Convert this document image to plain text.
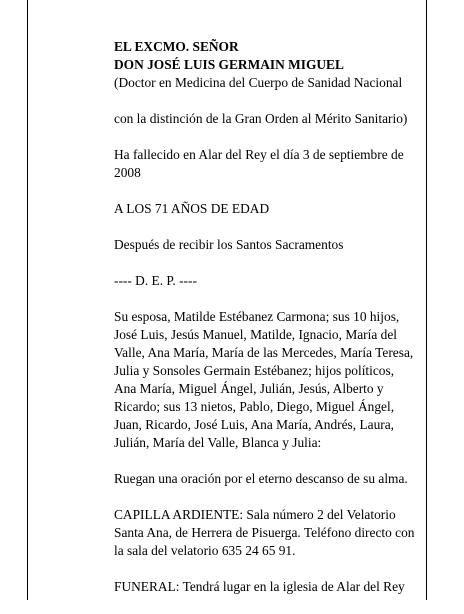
EL EXCMO. SEÑOR

DON JOSÉ LUIS GERMAIN MIGUEL

(Doctor en Medicina del Cuerpo de Sanidad Nacional

con la distinción de la Gran Orden al Mérito Sanitario)

Ha fallecido en Alar del Rey el día 3 de septiembre de 2008

A LOS 71 AÑOS DE EDAD

Después de recibir los Santos Sacramentos

---- D. E. P. ----

Su esposa, Matilde Estébanez Carmona; sus 10 hijos, José Luis, Jesús Manuel, Matilde, Ignacio, María del Valle, Ana María, María de las Mercedes, María Teresa, Julia y Sonsoles Germain Estébanez; hijos políticos, Ana María, Miguel Ángel, Julián, Jesús, Alberto y Ricardo; sus 13 nietos, Pablo, Diego, Miguel Ángel, Juan, Ricardo, José Luis, Ana María, Andrés, Laura, Julián, María del Valle, Blanca y Julia:

Ruegan una oración por el eterno descanso de su alma.

CAPILLA ARDIENTE: Sala número 2 del Velatorio Santa Ana, de Herrera de Pisuerga. Teléfono directo con la sala del velatorio 635 24 65 91.

FUNERAL: Tendrá lugar en la iglesia de Alar del Rey
